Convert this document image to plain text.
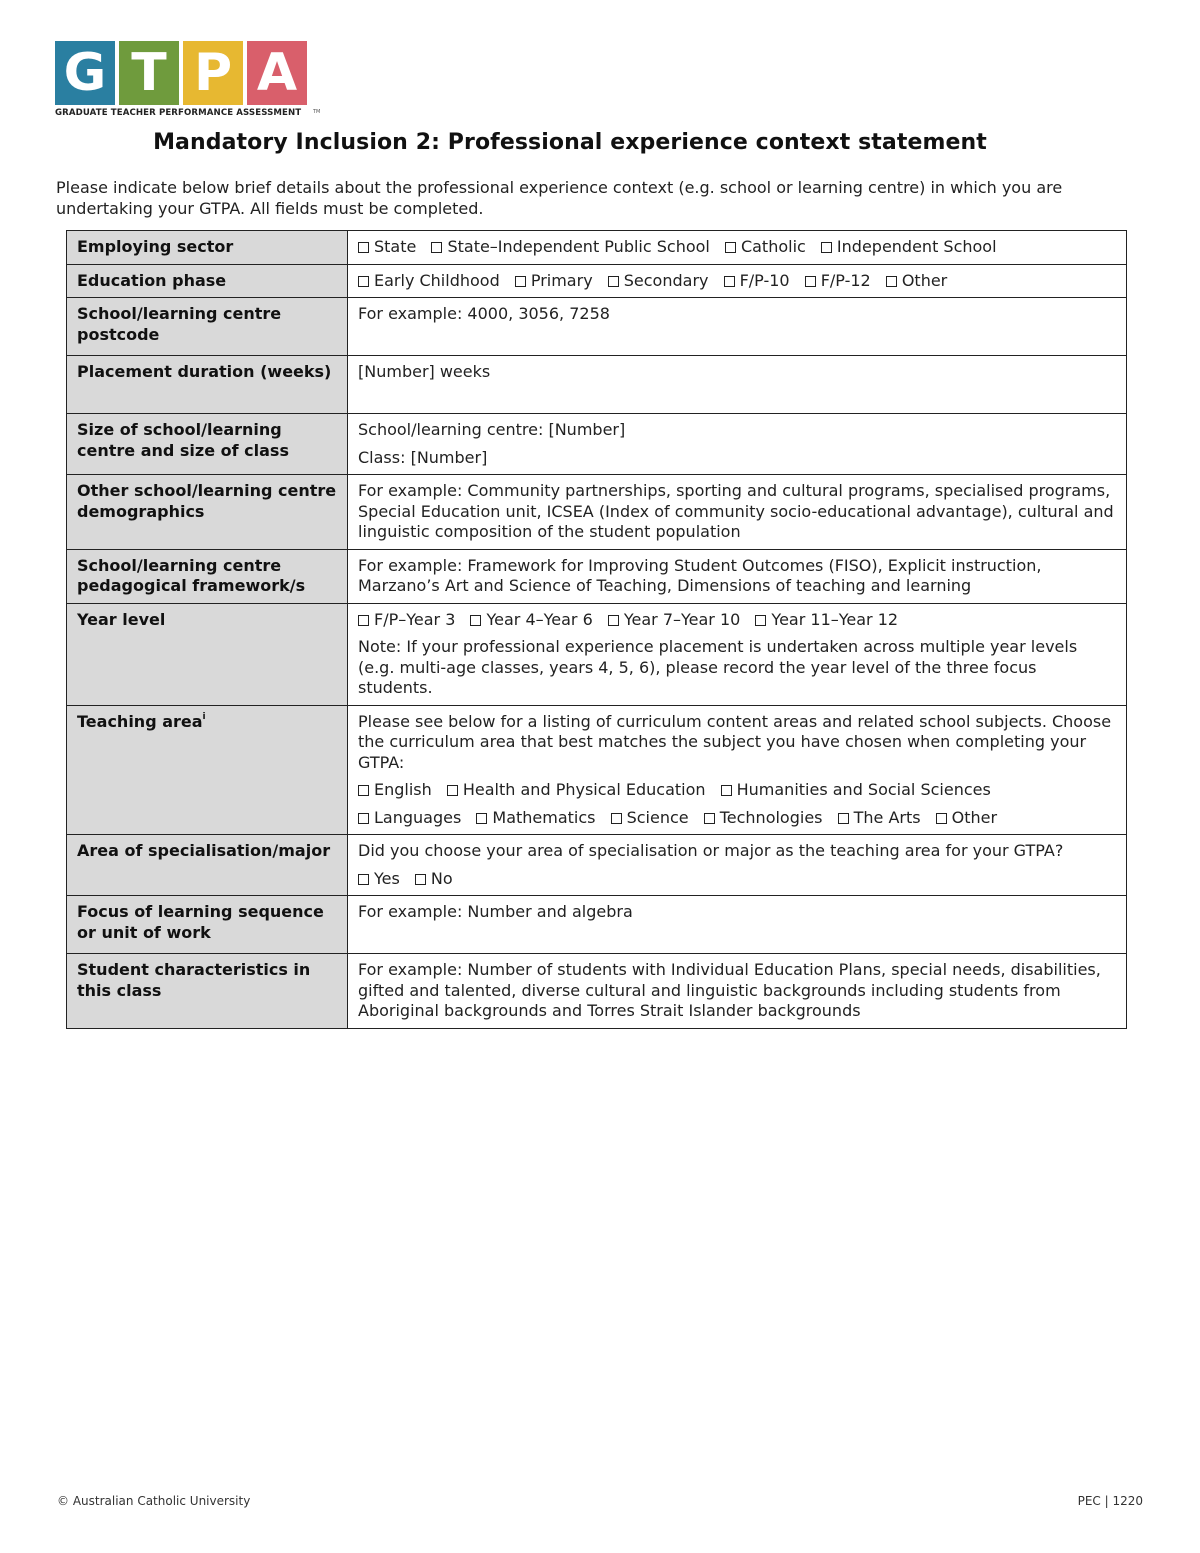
G T P A
GRADUATE TEACHER PERFORMANCE ASSESSMENT	TM
Mandatory Inclusion 2: Professional experience context statement

Please indicate below brief details about the professional experience context (e.g. school or learning centre) in which you are undertaking your GTPA. All fields must be completed.

Employing sector	State State–Independent Public School Catholic Independent School
Education phase	Early Childhood Primary Secondary F/P-10 F/P-12 Other
School/learning centre postcode	For example: 4000, 3056, 7258
Placement duration (weeks)	[Number] weeks
Size of school/learning centre and size of class	School/learning centre: [Number]
Class: [Number]

Other school/learning centre demographics	For example: Community partnerships, sporting and cultural programs, specialised programs, Special Education unit, ICSEA (Index of community socio-educational advantage), cultural and linguistic composition of the student population
School/learning centre pedagogical framework/s	For example: Framework for Improving Student Outcomes (FISO), Explicit instruction, Marzano’s Art and Science of Teaching, Dimensions of teaching and learning
Year level	F/P–Year 3 Year 4–Year 6 Year 7–Year 10 Year 11–Year 12
Note: If your professional experience placement is undertaken across multiple year levels (e.g. multi-age classes, years 4, 5, 6), please record the year level of the three focus students.

Teaching area$^i$	Please see below for a listing of curriculum content areas and related school subjects. Choose the curriculum area that best matches the subject you have chosen when completing your GTPA:
English Health and Physical Education Humanities and Social Sciences
Languages Mathematics Science Technologies The Arts Other

Area of specialisation/major	Did you choose your area of specialisation or major as the teaching area for your GTPA?
Yes No

Focus of learning sequence or unit of work	For example: Number and algebra
Student characteristics in this class	For example: Number of students with Individual Education Plans, special needs, disabilities, gifted and talented, diverse cultural and linguistic backgrounds including students from Aboriginal backgrounds and Torres Strait Islander backgrounds
© Australian Catholic University	PEC | 1220
